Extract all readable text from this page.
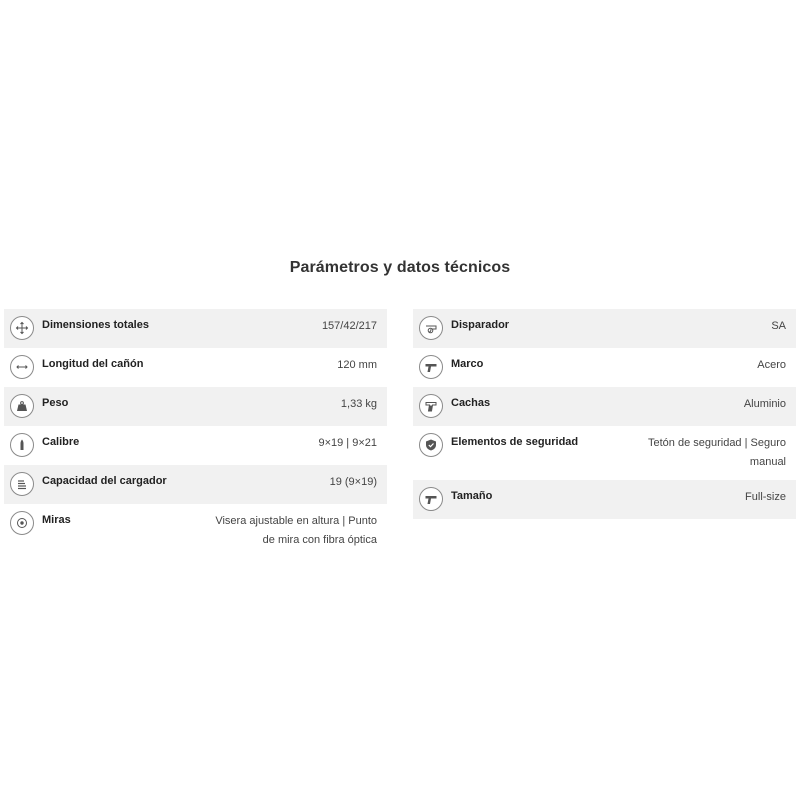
Parámetros y datos técnicos
Dimensiones totales	157/42/217
Longitud del cañón	120 mm
Peso	1,33 kg
Calibre	9×19 | 9×21
Capacidad del cargador	19 (9×19)
Miras	Visera ajustable en altura | Punto de mira con fibra óptica
Disparador	SA
Marco	Acero
Cachas	Aluminio
Elementos de seguridad	Tetón de seguridad | Seguro manual
Tamaño	Full-size
